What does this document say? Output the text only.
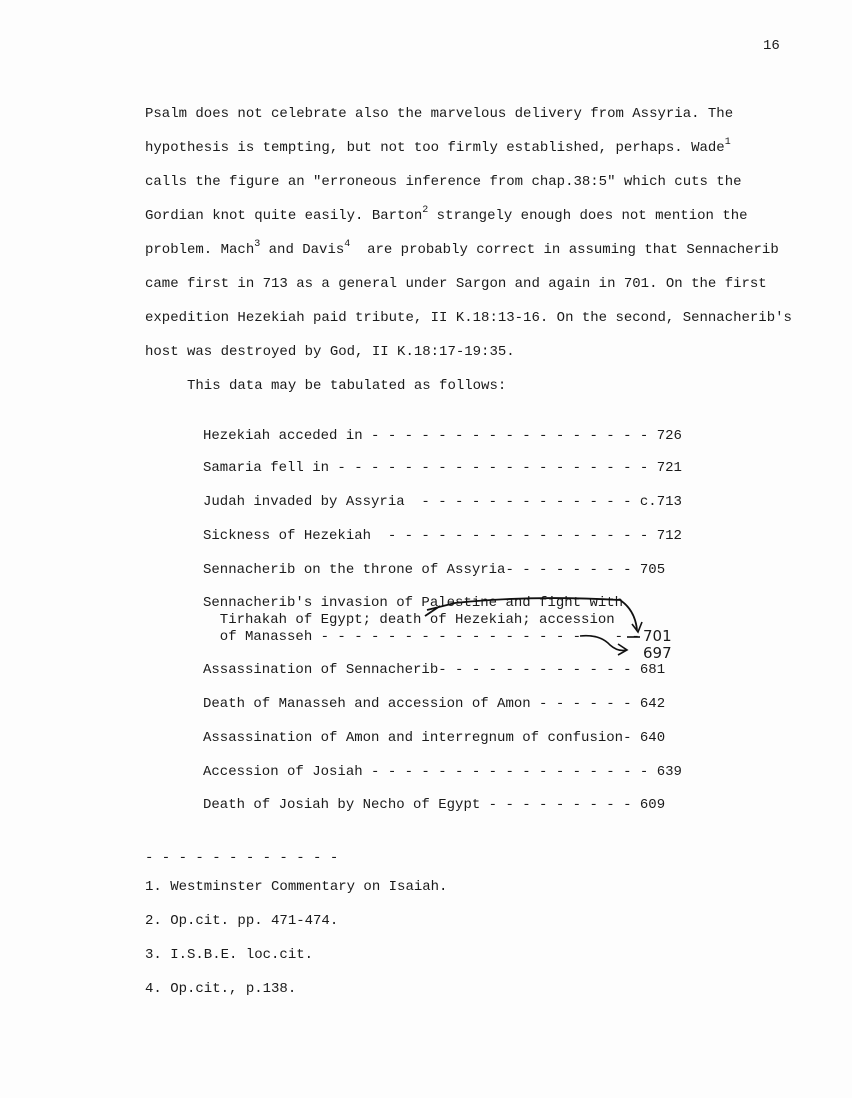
16
Psalm does not celebrate also the marvelous delivery from Assyria. The
hypothesis is tempting, but not too firmly established, perhaps. Wade$^1$
calls the figure an "erroneous inference from chap.38:5" which cuts the
Gordian knot quite easily. Barton$^2$ strangely enough does not mention the
problem. Mach$^3$ and Davis$^4$  are probably correct in assuming that Sennacherib
came first in 713 as a general under Sargon and again in 701. On the first
expedition Hezekiah paid tribute, II K.18:13-16. On the second, Sennacherib's
host was destroyed by God, II K.18:17-19:35.
This data may be tabulated as follows:
Hezekiah acceded in - - - - - - - - - - - - - - - - - 726
Samaria fell in - - - - - - - - - - - - - - - - - - - 721
Judah invaded by Assyria  - - - - - - - - - - - - - c.713
Sickness of Hezekiah  - - - - - - - - - - - - - - - - 712
Sennacherib on the throne of Assyria- - - - - - - - 705
Sennacherib's invasion of Palestine and fight with
Tirhakah of Egypt; death of Hezekiah; accession
of Manasseh - - - - - - - - - - - - - - - - -  - - 701
697
Assassination of Sennacherib- - - - - - - - - - - - 681
Death of Manasseh and accession of Amon - - - - - - 642
Assassination of Amon and interregnum of confusion- 640
Accession of Josiah - - - - - - - - - - - - - - - - - 639
Death of Josiah by Necho of Egypt - - - - - - - - - 609
- - - - - - - - - - - -
1. Westminster Commentary on Isaiah.
2. Op.cit. pp. 471-474.
3. I.S.B.E. loc.cit.
4. Op.cit., p.138.
